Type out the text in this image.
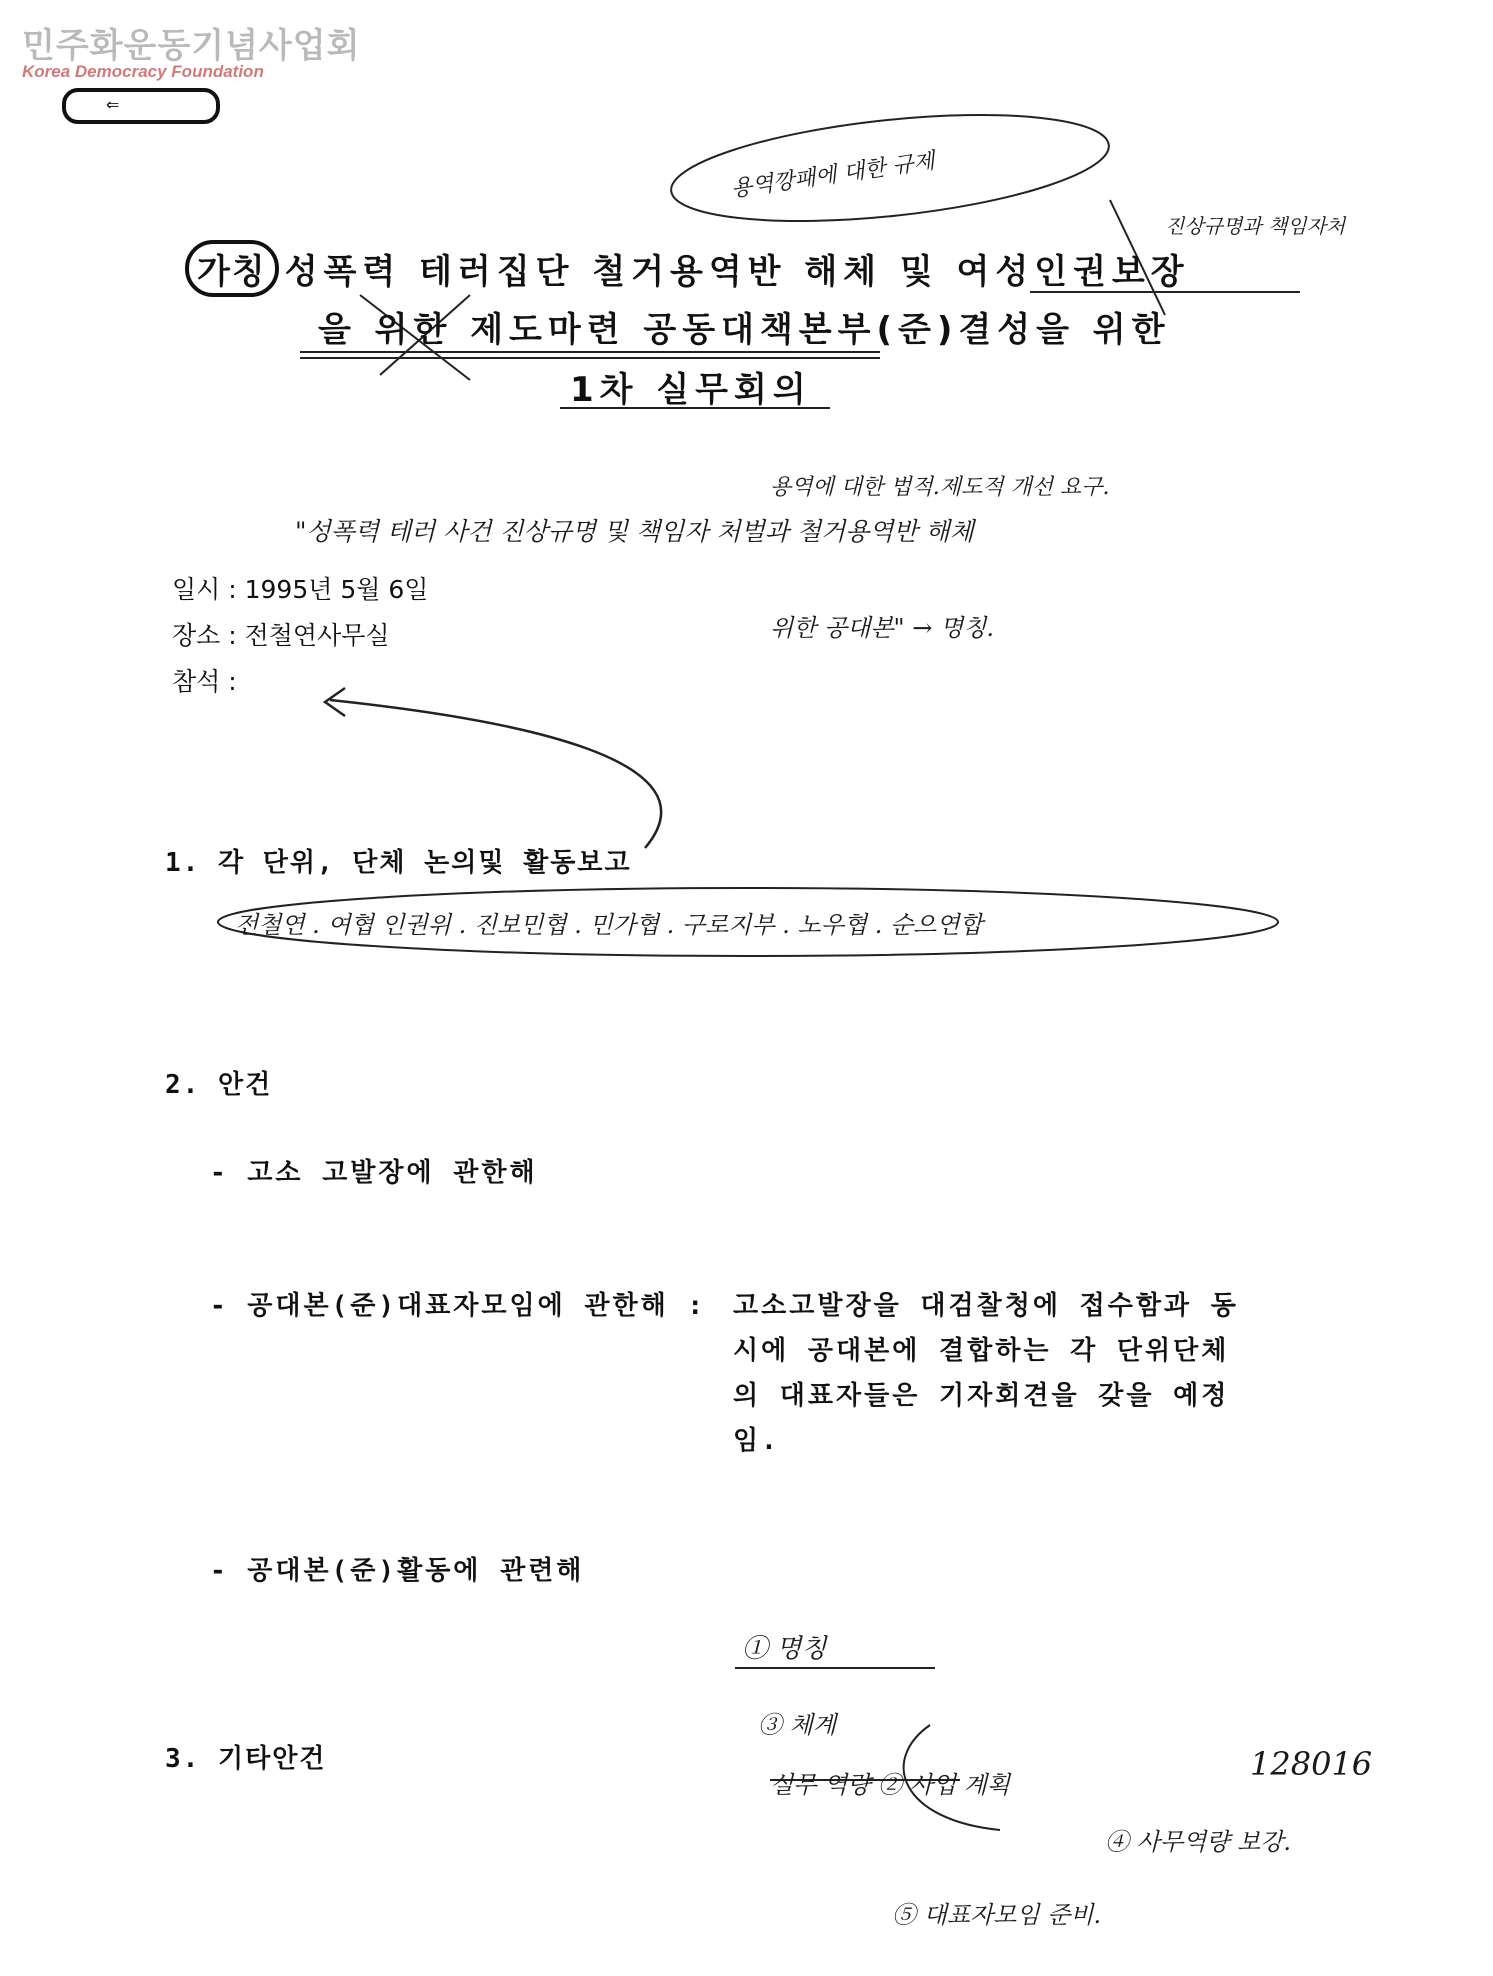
민주화운동기념사업회
Korea Democracy Foundation
⇐
가칭 성폭력 테러집단 철거용역반 해체 및 여성인권보장
을 위한 제도마련 공동대책본부(준)결성을 위한
1차 실무회의
일시 : 1995년 5월 6일
장소 : 전철연사무실
참석 :
1. 각 단위, 단체 논의및 활동보고
2. 안건
- 고소 고발장에 관한해
- 공대본(준)대표자모임에 관한해 : 고소고발장을 대검찰청에 접수함과 동
시에 공대본에 결합하는 각 단위단체
의 대표자들은 기자회견을 갖을 예정
임.
- 공대본(준)활동에 관련해
3. 기타안건
용역깡패에 대한 규제
진상규명과 책임자처
용역에 대한 법적.제도적 개선 요구.
"성폭력 테러 사건 진상규명 및 책임자 처벌과 철거용역반 해체
위한 공대본" → 명칭.
전철연 . 여협 인권위 . 진보민협 . 민가협 . 구로지부 . 노우협 . 순으연합
① 명칭
③ 체계
실무 역량 ② 사업 계획
128016
④ 사무역량 보강.
⑤ 대표자모임 준비.
